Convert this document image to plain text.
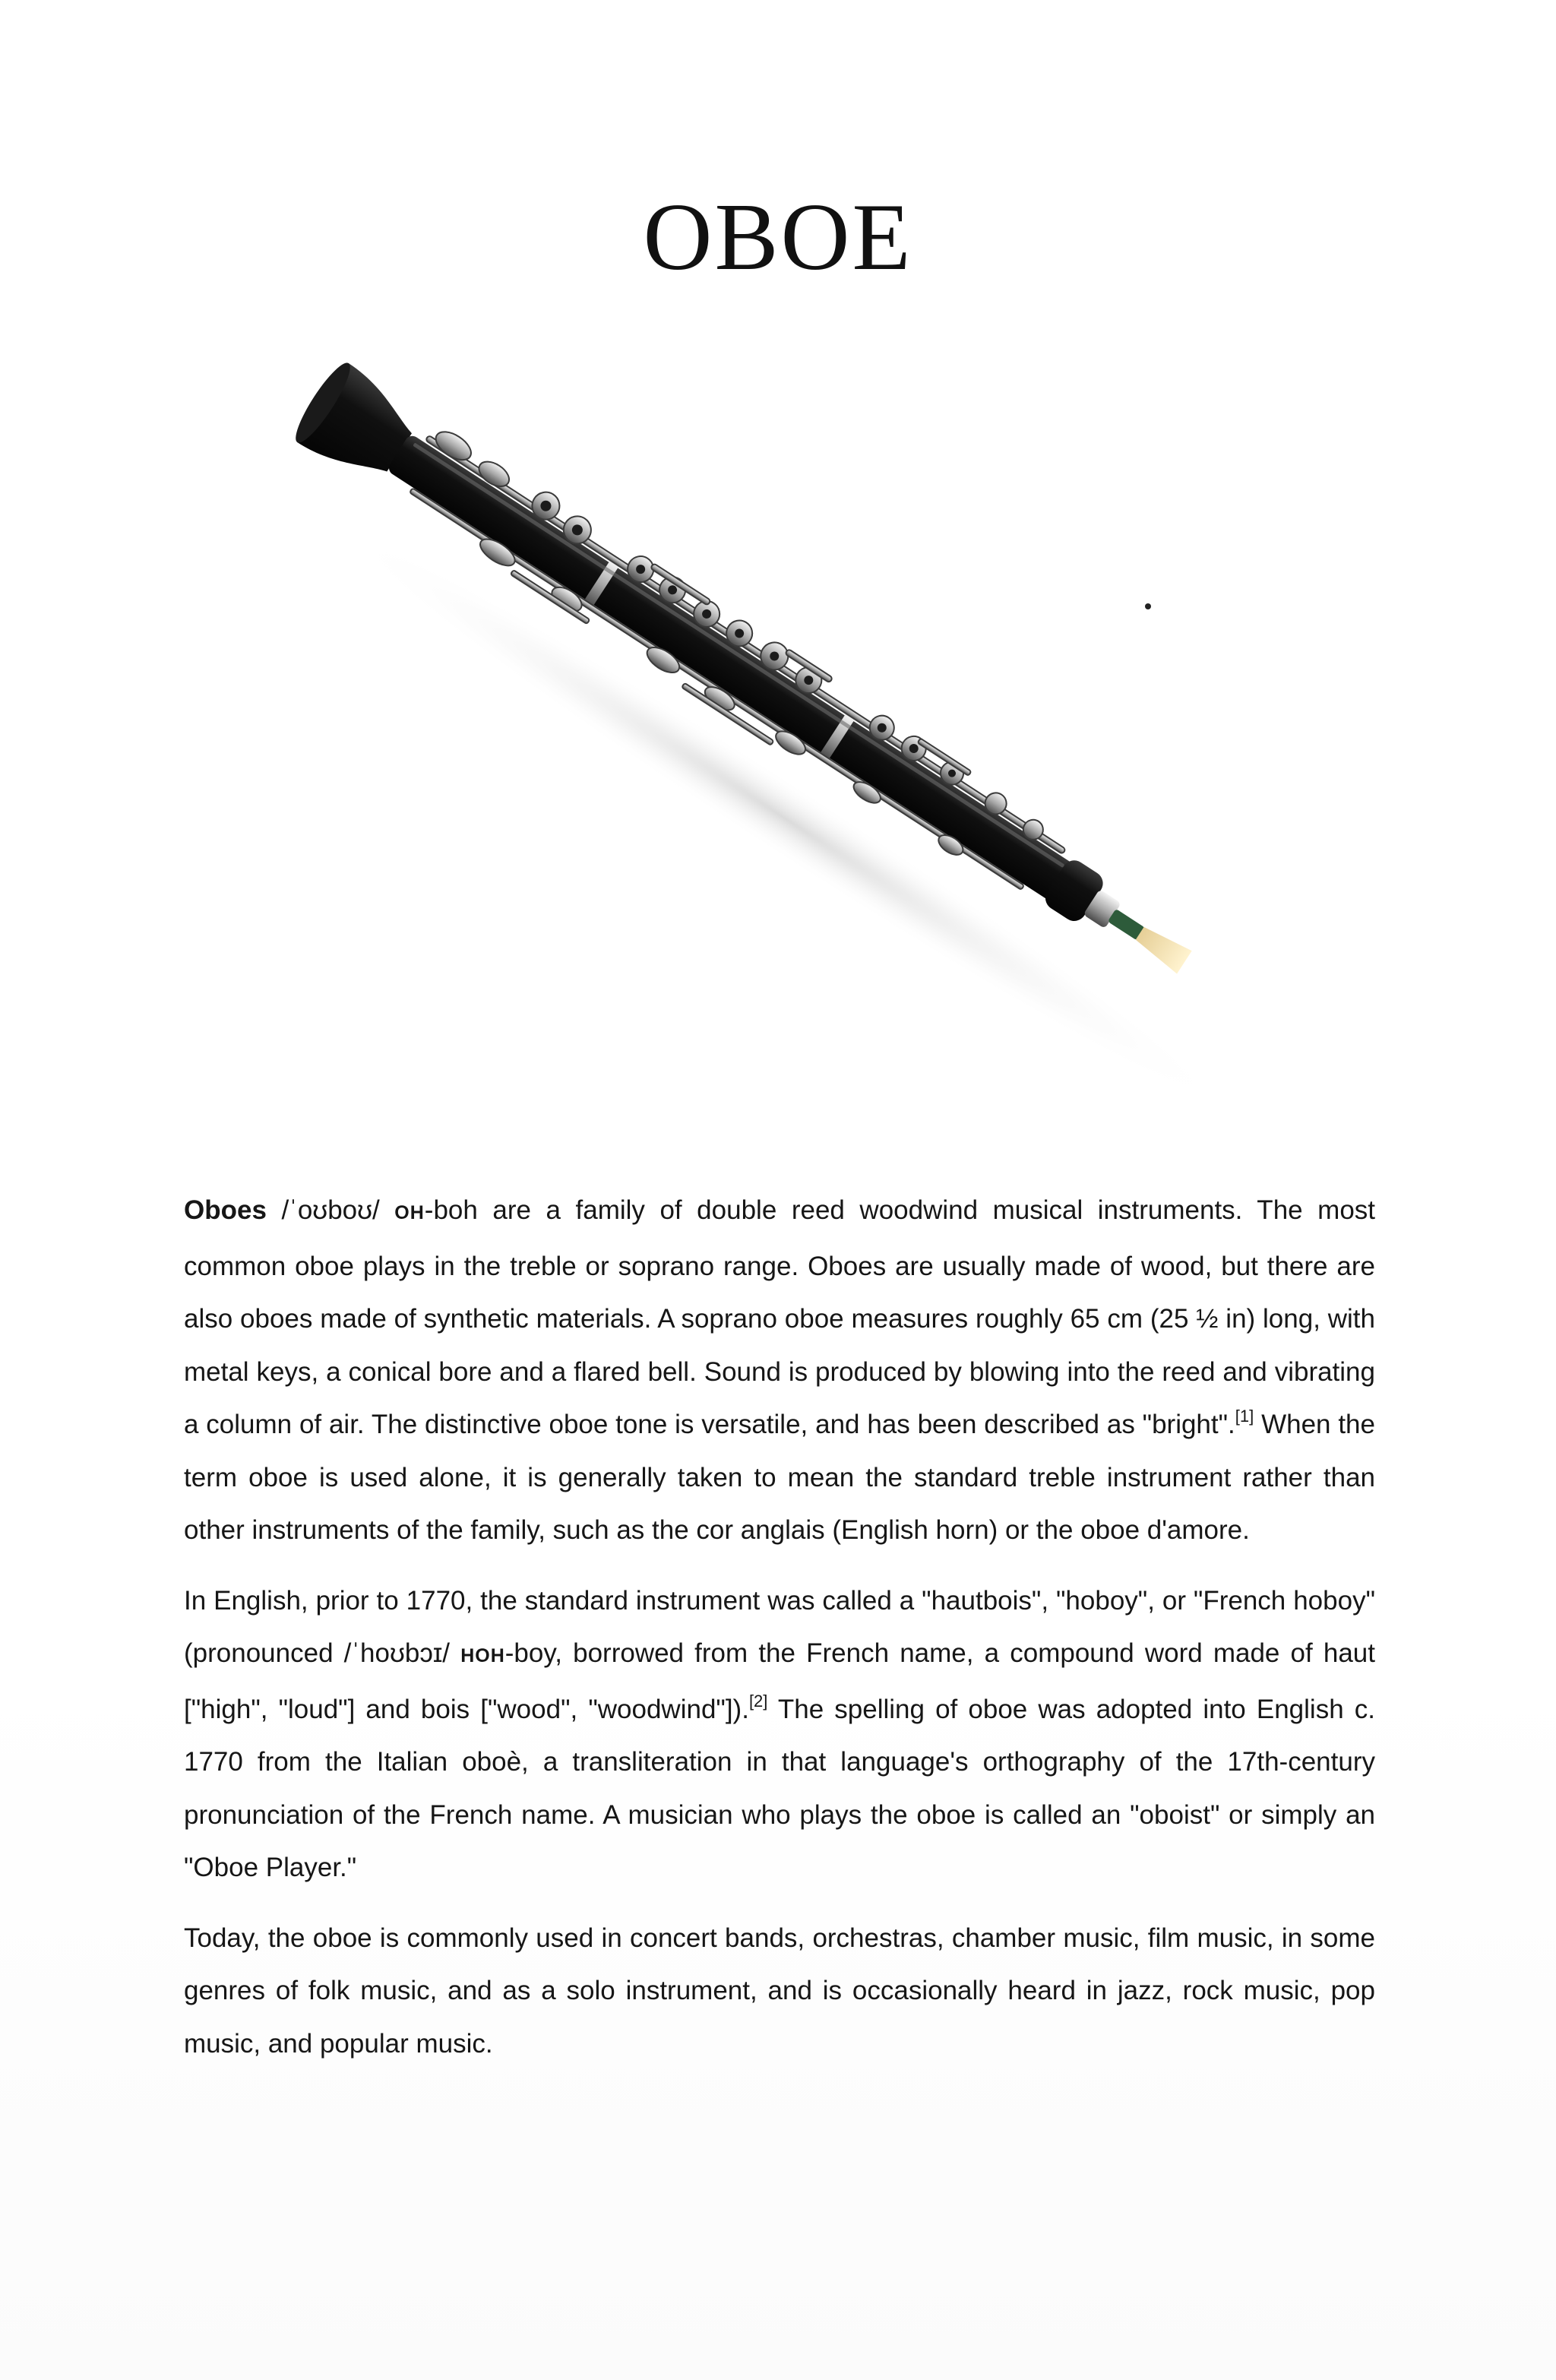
OBOE

Oboes /ˈoʊboʊ/ OH-boh are a family of double reed woodwind musical instruments. The most common oboe plays in the treble or soprano range. Oboes are usually made of wood, but there are also oboes made of synthetic materials. A soprano oboe measures roughly 65 cm (25 ½ in) long, with metal keys, a conical bore and a flared bell. Sound is produced by blowing into the reed and vibrating a column of air. The distinctive oboe tone is versatile, and has been described as "bright".[1] When the term oboe is used alone, it is generally taken to mean the standard treble instrument rather than other instruments of the family, such as the cor anglais (English horn) or the oboe d'amore.

In English, prior to 1770, the standard instrument was called a "hautbois", "hoboy", or "French hoboy" (pronounced /ˈhoʊbɔɪ/ HOH-boy, borrowed from the French name, a compound word made of haut ["high", "loud"] and bois ["wood", "woodwind"]).[2] The spelling of oboe was adopted into English c. 1770 from the Italian oboè, a transliteration in that language's orthography of the 17th-century pronunciation of the French name. A musician who plays the oboe is called an "oboist" or simply an "Oboe Player."

Today, the oboe is commonly used in concert bands, orchestras, chamber music, film music, in some genres of folk music, and as a solo instrument, and is occasionally heard in jazz, rock music, pop music, and popular music.
